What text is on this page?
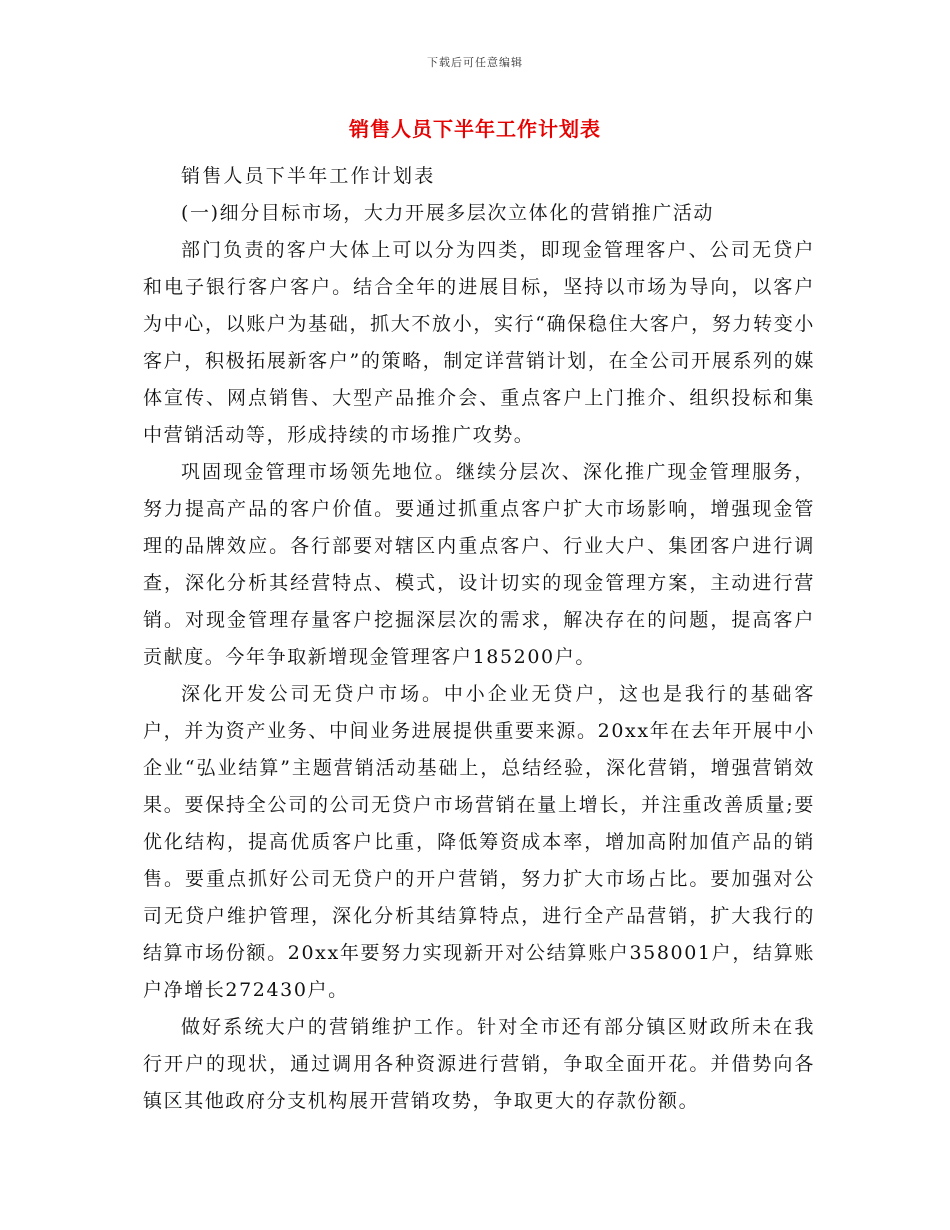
下载后可任意编辑
销售人员下半年工作计划表

销售人员下半年工作计划表

(一)细分目标市场，大力开展多层次立体化的营销推广活动

部门负责的客户大体上可以分为四类，即现金管理客户、公司无贷户和电子银行客户客户。结合全年的进展目标，坚持以市场为导向，以客户为中心，以账户为基础，抓大不放小，实行“确保稳住大客户，努力转变小客户，积极拓展新客户”的策略，制定详营销计划，在全公司开展系列的媒体宣传、网点销售、大型产品推介会、重点客户上门推介、组织投标和集中营销活动等，形成持续的市场推广攻势。

巩固现金管理市场领先地位。继续分层次、深化推广现金管理服务，努力提高产品的客户价值。要通过抓重点客户扩大市场影响，增强现金管理的品牌效应。各行部要对辖区内重点客户、行业大户、集团客户进行调查，深化分析其经营特点、模式，设计切实的现金管理方案，主动进行营销。对现金管理存量客户挖掘深层次的需求，解决存在的问题，提高客户贡献度。今年争取新增现金管理客户185200户。

深化开发公司无贷户市场。中小企业无贷户，这也是我行的基础客户，并为资产业务、中间业务进展提供重要来源。20xx年在去年开展中小企业“弘业结算”主题营销活动基础上，总结经验，深化营销，增强营销效果。要保持全公司的公司无贷户市场营销在量上增长，并注重改善质量;要优化结构，提高优质客户比重，降低筹资成本率，增加高附加值产品的销售。要重点抓好公司无贷户的开户营销，努力扩大市场占比。要加强对公司无贷户维护管理，深化分析其结算特点，进行全产品营销，扩大我行的结算市场份额。20xx年要努力实现新开对公结算账户358001户，结算账户净增长272430户。

做好系统大户的营销维护工作。针对全市还有部分镇区财政所未在我行开户的现状，通过调用各种资源进行营销，争取全面开花。并借势向各镇区其他政府分支机构展开营销攻势，争取更大的存款份额。
